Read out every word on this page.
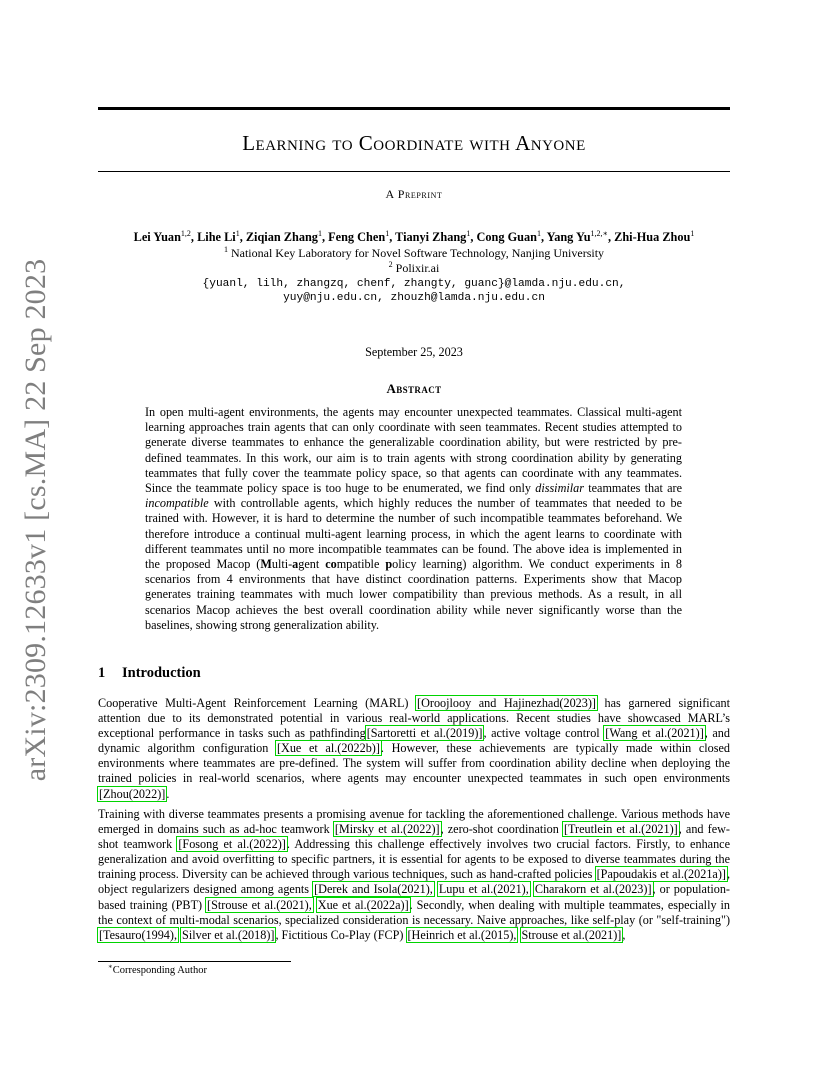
arXiv:2309.12633v1 [cs.MA] 22 Sep 2023
Learning to Coordinate with Anyone
A Preprint
Lei Yuan$^{1,2}$, Lihe Li$^1$, Ziqian Zhang$^1$, Feng Chen$^1$, Tianyi Zhang$^1$, Cong Guan$^1$, Yang $Yu^{1,2,∗}$, Zhi-Hua Zhou$^1$
$^1$ National Key Laboratory for Novel Software Technology, Nanjing University
$^2$ Polixir.ai
{yuanl, lilh, zhangzq, chenf, zhangty, guanc}@lamda.nju.edu.cn,
yuy@nju.edu.cn, zhouzh@lamda.nju.edu.cn
September 25, 2023
Abstract
In open multi-agent environments, the agents may encounter unexpected teammates. Classical multi-agent learning approaches train agents that can only coordinate with seen teammates. Recent studies attempted to generate diverse teammates to enhance the generalizable coordination ability, but were restricted by pre-defined teammates. In this work, our aim is to train agents with strong coordination ability by generating teammates that fully cover the teammate policy space, so that agents can coordinate with any teammates. Since the teammate policy space is too huge to be enumerated, we find only dissimilar teammates that are incompatible with controllable agents, which highly reduces the number of teammates that needed to be trained with. However, it is hard to determine the number of such incompatible teammates beforehand. We therefore introduce a continual multi-agent learning process, in which the agent learns to coordinate with different teammates until no more incompatible teammates can be found. The above idea is implemented in the proposed Macop (Multi-agent compatible policy learning) algorithm. We conduct experiments in 8 scenarios from 4 environments that have distinct coordination patterns. Experiments show that Macop generates training teammates with much lower compatibility than previous methods. As a result, in all scenarios Macop achieves the best overall coordination ability while never significantly worse than the baselines, showing strong generalization ability.
1 Introduction
Cooperative Multi-Agent Reinforcement Learning (MARL) [Oroojlooy and Hajinezhad(2023)] has garnered significant attention due to its demonstrated potential in various real-world applications. Recent studies have showcased MARL’s exceptional performance in tasks such as pathfinding[Sartoretti et al.(2019)], active voltage control [Wang et al.(2021)], and dynamic algorithm configuration [Xue et al.(2022b)]. However, these achievements are typically made within closed environments where teammates are pre-defined. The system will suffer from coordination ability decline when deploying the trained policies in real-world scenarios, where agents may encounter unexpected teammates in such open environments [Zhou(2022)].
Training with diverse teammates presents a promising avenue for tackling the aforementioned challenge. Various methods have emerged in domains such as ad-hoc teamwork [Mirsky et al.(2022)], zero-shot coordination [Treutlein et al.(2021)], and few-shot teamwork [Fosong et al.(2022)]. Addressing this challenge effectively involves two crucial factors. Firstly, to enhance generalization and avoid overfitting to specific partners, it is essential for agents to be exposed to diverse teammates during the training process. Diversity can be achieved through various techniques, such as hand-crafted policies [Papoudakis et al.(2021a)], object regularizers designed among agents [Derek and Isola(2021), Lupu et al.(2021), Charakorn et al.(2023)], or population-based training (PBT) [Strouse et al.(2021), Xue et al.(2022a)]. Secondly, when dealing with multiple teammates, especially in the context of multi-modal scenarios, specialized consideration is necessary. Naive approaches, like self-play (or "self-training") [Tesauro(1994), Silver et al.(2018)], Fictitious Co-Play (FCP) [Heinrich et al.(2015), Strouse et al.(2021)],
∗Corresponding Author
